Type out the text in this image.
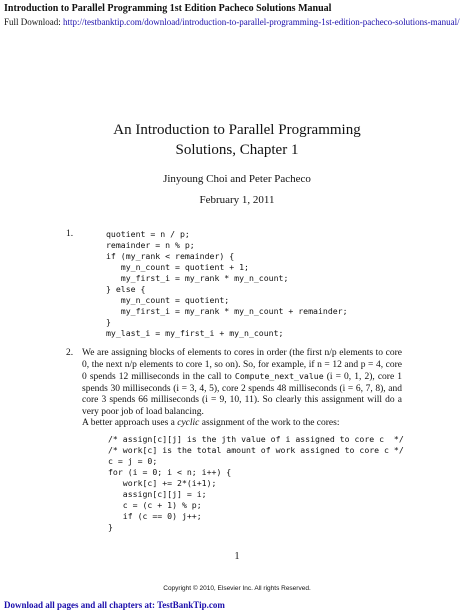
Introduction to Parallel Programming 1st Edition Pacheco Solutions Manual
Full Download: http://testbanktip.com/download/introduction-to-parallel-programming-1st-edition-pacheco-solutions-manual/
An Introduction to Parallel Programming
Solutions, Chapter 1
Jinyoung Choi and Peter Pacheco
February 1, 2011
1.	quotient = n / p;
remainder = n % p;
if (my_rank < remainder) {
my_n_count = quotient + 1;
my_first_i = my_rank * my_n_count;
} else {
my_n_count = quotient;
my_first_i = my_rank * my_n_count + remainder;
}
my_last_i = my_first_i + my_n_count;
2. We are assigning blocks of elements to cores in order (the first n/p elements to core 0, the next n/p elements to core 1, so on). So, for example, if n = 12 and p = 4, core 0 spends 12 milliseconds in the call to Compute_next_value (i = 0, 1, 2), core 1 spends 30 milliseconds (i = 3, 4, 5), core 2 spends 48 milliseconds (i = 6, 7, 8), and core 3 spends 66 milliseconds (i = 9, 10, 11). So clearly this assignment will do a very poor job of load balancing.

A better approach uses a cyclic assignment of the work to the cores:

/* assign[c][j] is the jth value of i assigned to core c  */
/* work[c] is the total amount of work assigned to core c */
c = j = 0;
for (i = 0; i < n; i++) {
work[c] += 2*(i+1);
assign[c][j] = i;
c = (c + 1) % p;
if (c == 0) j++;
}
1
Copyright © 2010, Elsevier Inc. All rights Reserved.
Download all pages and all chapters at: TestBankTip.com
